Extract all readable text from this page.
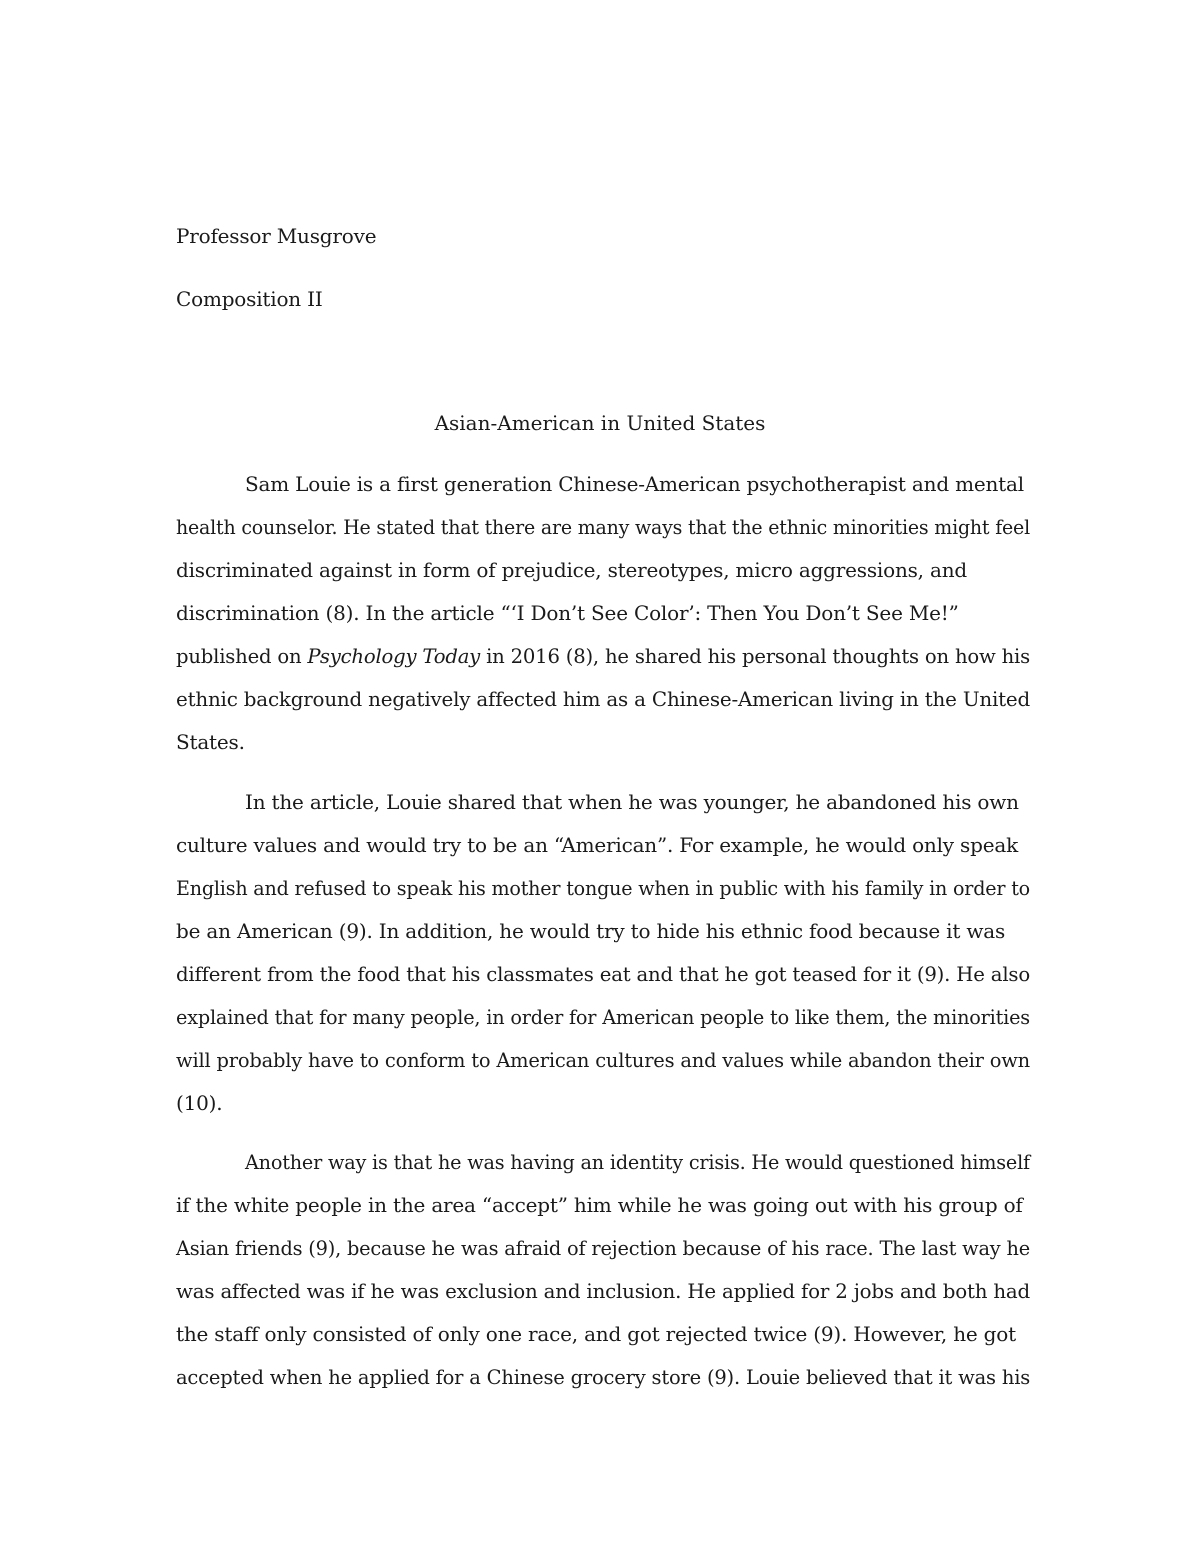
Professor Musgrove
Composition II
Asian-American in United States
Sam Louie is a first generation Chinese-American psychotherapist and mental
health counselor. He stated that there are many ways that the ethnic minorities might feel
discriminated against in form of prejudice, stereotypes, micro aggressions, and
discrimination (8). In the article “‘I Don’t See Color’: Then You Don’t See Me!”
published on Psychology Today in 2016 (8), he shared his personal thoughts on how his
ethnic background negatively affected him as a Chinese-American living in the United
States.
In the article, Louie shared that when he was younger, he abandoned his own
culture values and would try to be an “American”. For example, he would only speak
English and refused to speak his mother tongue when in public with his family in order to
be an American (9). In addition, he would try to hide his ethnic food because it was
different from the food that his classmates eat and that he got teased for it (9). He also
explained that for many people, in order for American people to like them, the minorities
will probably have to conform to American cultures and values while abandon their own
(10).
Another way is that he was having an identity crisis. He would questioned himself
if the white people in the area “accept” him while he was going out with his group of
Asian friends (9), because he was afraid of rejection because of his race. The last way he
was affected was if he was exclusion and inclusion. He applied for 2 jobs and both had
the staff only consisted of only one race, and got rejected twice (9). However, he got
accepted when he applied for a Chinese grocery store (9). Louie believed that it was his
